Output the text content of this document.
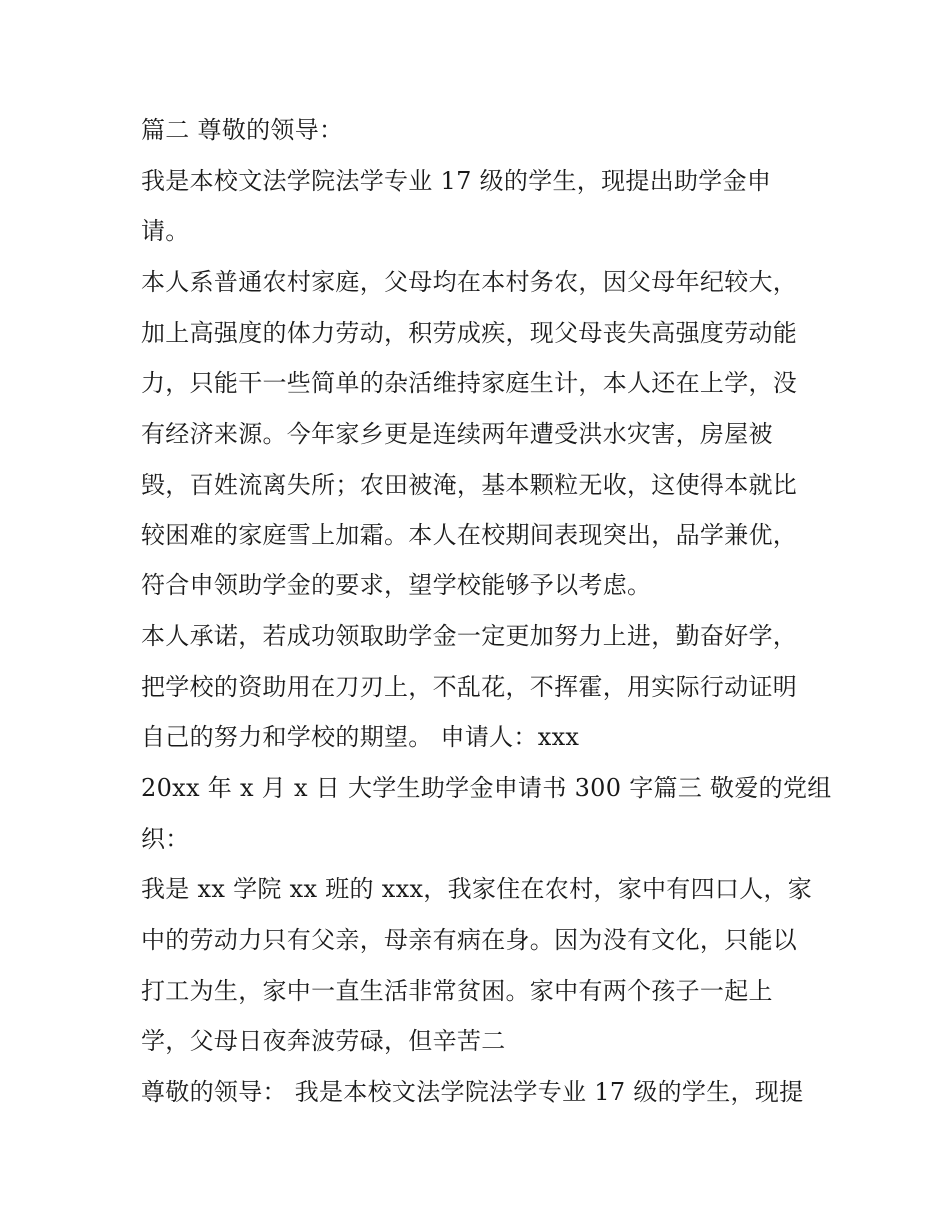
篇二 尊敬的领导：
我是本校文法学院法学专业 17 级的学生，现提出助学金申
请。
本人系普通农村家庭，父母均在本村务农，因父母年纪较大，
加上高强度的体力劳动，积劳成疾，现父母丧失高强度劳动能
力，只能干一些简单的杂活维持家庭生计，本人还在上学，没
有经济来源。今年家乡更是连续两年遭受洪水灾害，房屋被
毁，百姓流离失所；农田被淹，基本颗粒无收，这使得本就比
较困难的家庭雪上加霜。本人在校期间表现突出，品学兼优，
符合申领助学金的要求，望学校能够予以考虑。
本人承诺，若成功领取助学金一定更加努力上进，勤奋好学，
把学校的资助用在刀刃上，不乱花，不挥霍，用实际行动证明
自己的努力和学校的期望。 申请人：xxx
20xx 年 x 月 x 日 大学生助学金申请书 300 字篇三 敬爱的党组
织：
我是 xx 学院 xx 班的 xxx，我家住在农村，家中有四口人，家
中的劳动力只有父亲，母亲有病在身。因为没有文化，只能以
打工为生，家中一直生活非常贫困。家中有两个孩子一起上
学，父母日夜奔波劳碌，但辛苦二
尊敬的领导： 我是本校文法学院法学专业 17 级的学生，现提
